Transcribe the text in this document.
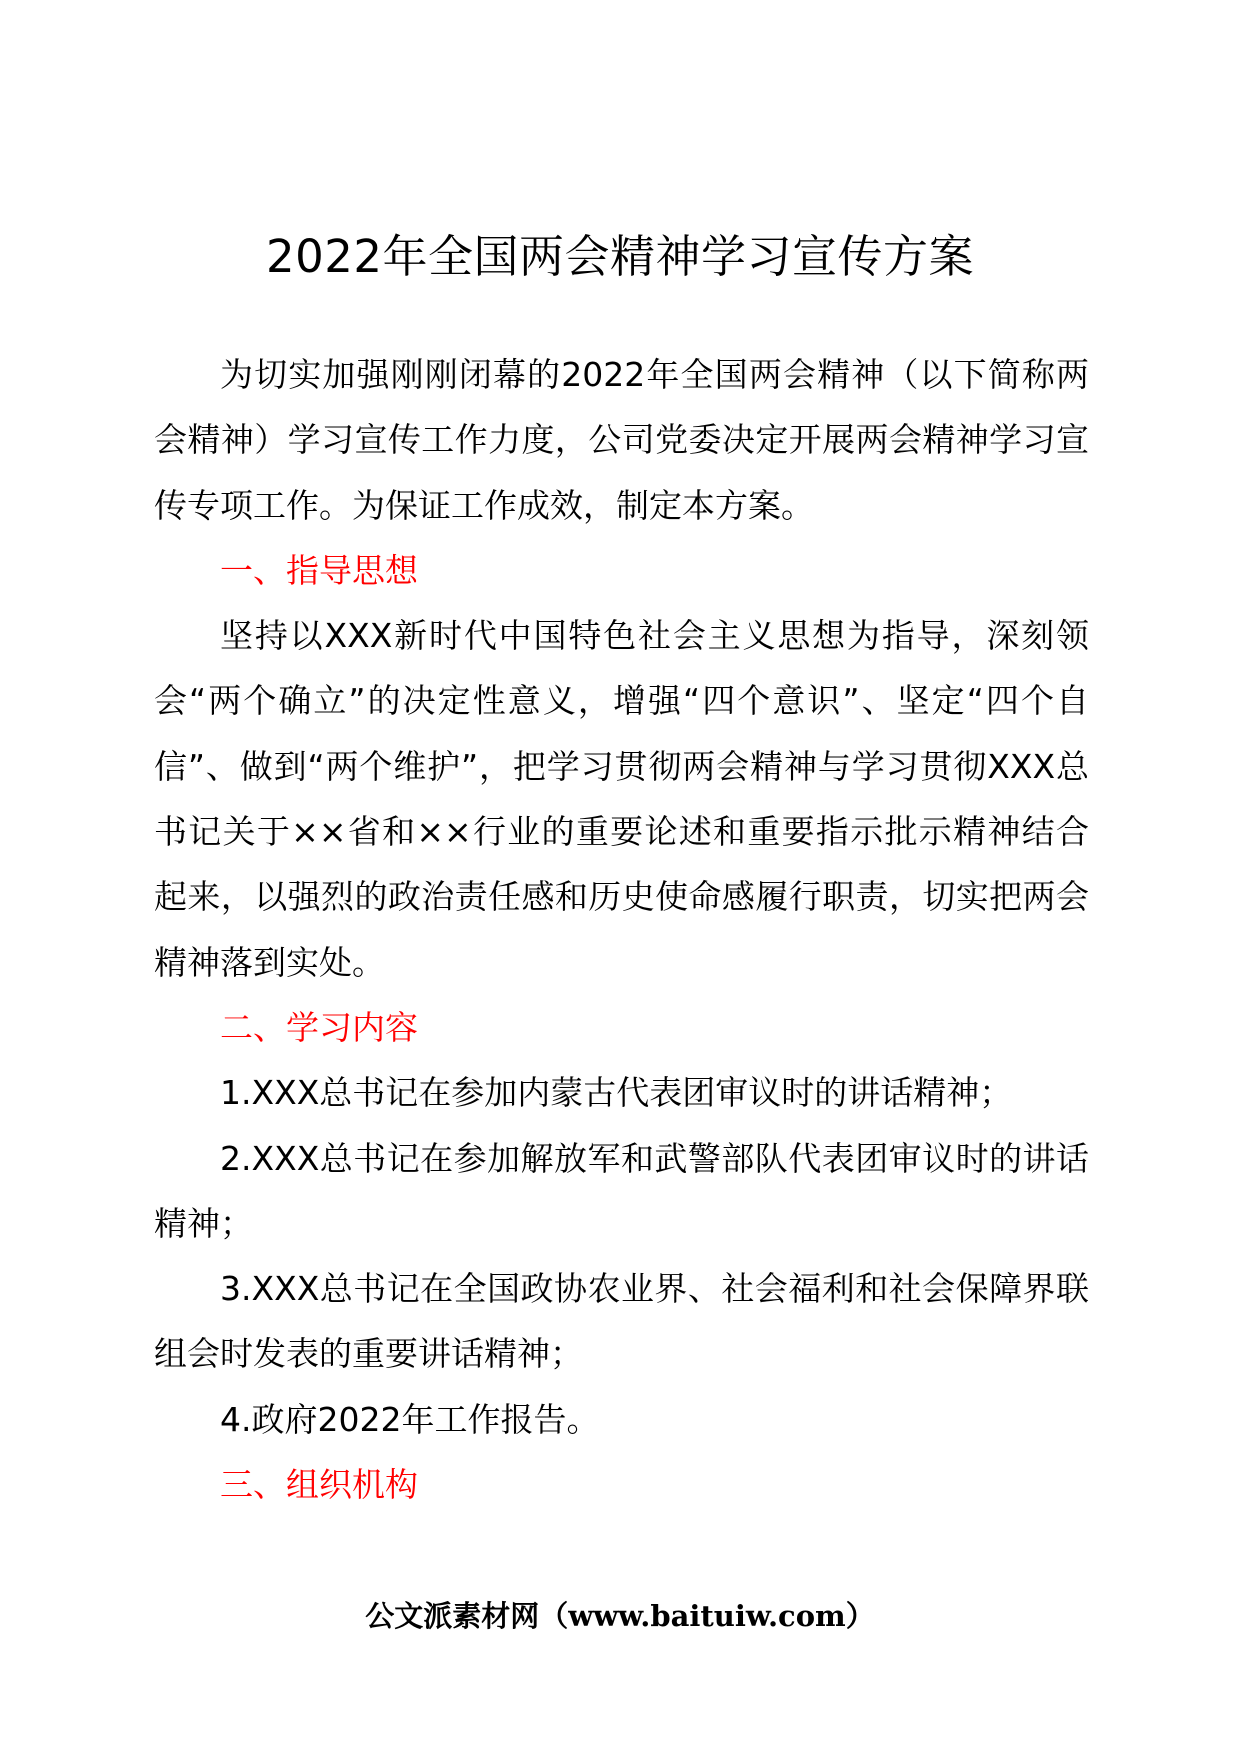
2022年全国两会精神学习宣传方案

为切实加强刚刚闭幕的2022年全国两会精神（以下简称两会精神）学习宣传工作力度，公司党委决定开展两会精神学习宣传专项工作。为保证工作成效，制定本方案。

一、指导思想

坚持以XXX新时代中国特色社会主义思想为指导，深刻领会“两个确立”的决定性意义，增强“四个意识”、坚定“四个自信”、做到“两个维护”，把学习贯彻两会精神与学习贯彻XXX总书记关于××省和××行业的重要论述和重要指示批示精神结合起来，以强烈的政治责任感和历史使命感履行职责，切实把两会精神落到实处。

二、学习内容

1.XXX总书记在参加内蒙古代表团审议时的讲话精神；

2.XXX总书记在参加解放军和武警部队代表团审议时的讲话精神；

3.XXX总书记在全国政协农业界、社会福利和社会保障界联组会时发表的重要讲话精神；

4.政府2022年工作报告。

三、组织机构

公文派素材网（www.baituiw.com）
